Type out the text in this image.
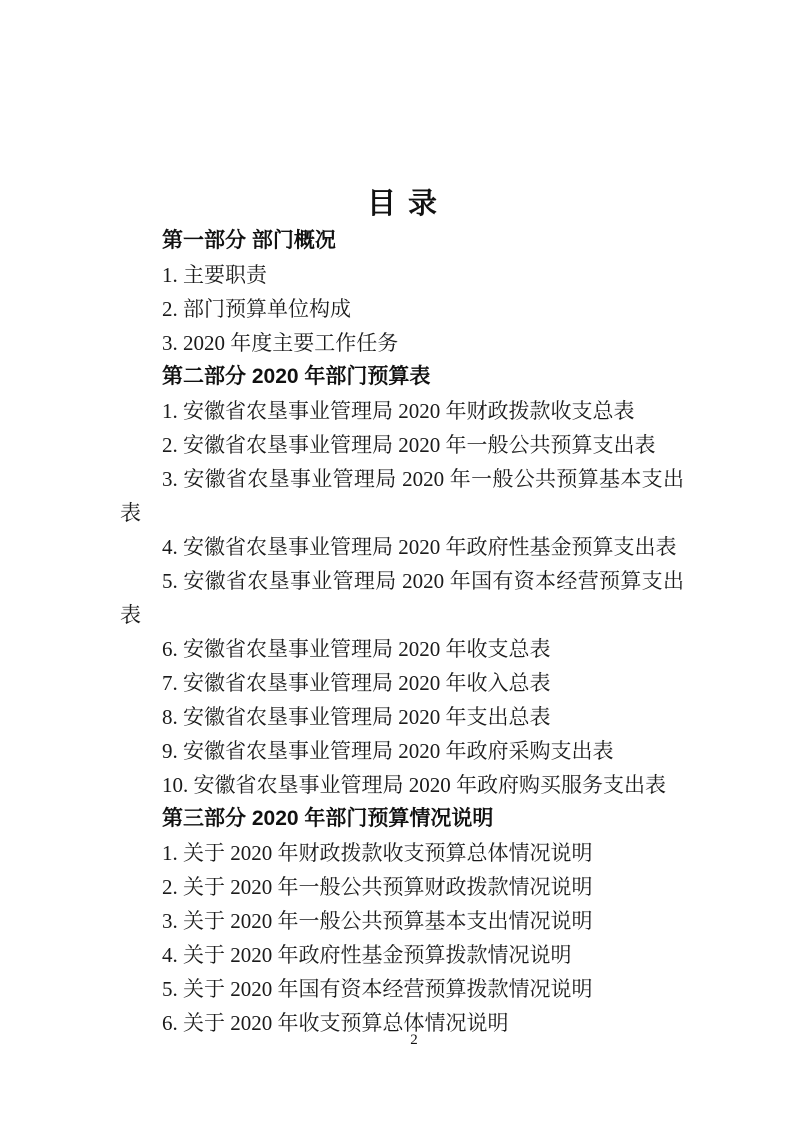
目 录
第一部分 部门概况
1. 主要职责
2. 部门预算单位构成
3. 2020 年度主要工作任务
第二部分 2020 年部门预算表
1. 安徽省农垦事业管理局 2020 年财政拨款收支总表
2. 安徽省农垦事业管理局 2020 年一般公共预算支出表
3. 安徽省农垦事业管理局 2020 年一般公共预算基本支出
表
4. 安徽省农垦事业管理局 2020 年政府性基金预算支出表
5. 安徽省农垦事业管理局 2020 年国有资本经营预算支出
表
6. 安徽省农垦事业管理局 2020 年收支总表
7. 安徽省农垦事业管理局 2020 年收入总表
8. 安徽省农垦事业管理局 2020 年支出总表
9. 安徽省农垦事业管理局 2020 年政府采购支出表
10. 安徽省农垦事业管理局 2020 年政府购买服务支出表
第三部分 2020 年部门预算情况说明
1. 关于 2020 年财政拨款收支预算总体情况说明
2. 关于 2020 年一般公共预算财政拨款情况说明
3. 关于 2020 年一般公共预算基本支出情况说明
4. 关于 2020 年政府性基金预算拨款情况说明
5. 关于 2020 年国有资本经营预算拨款情况说明
6. 关于 2020 年收支预算总体情况说明
2
